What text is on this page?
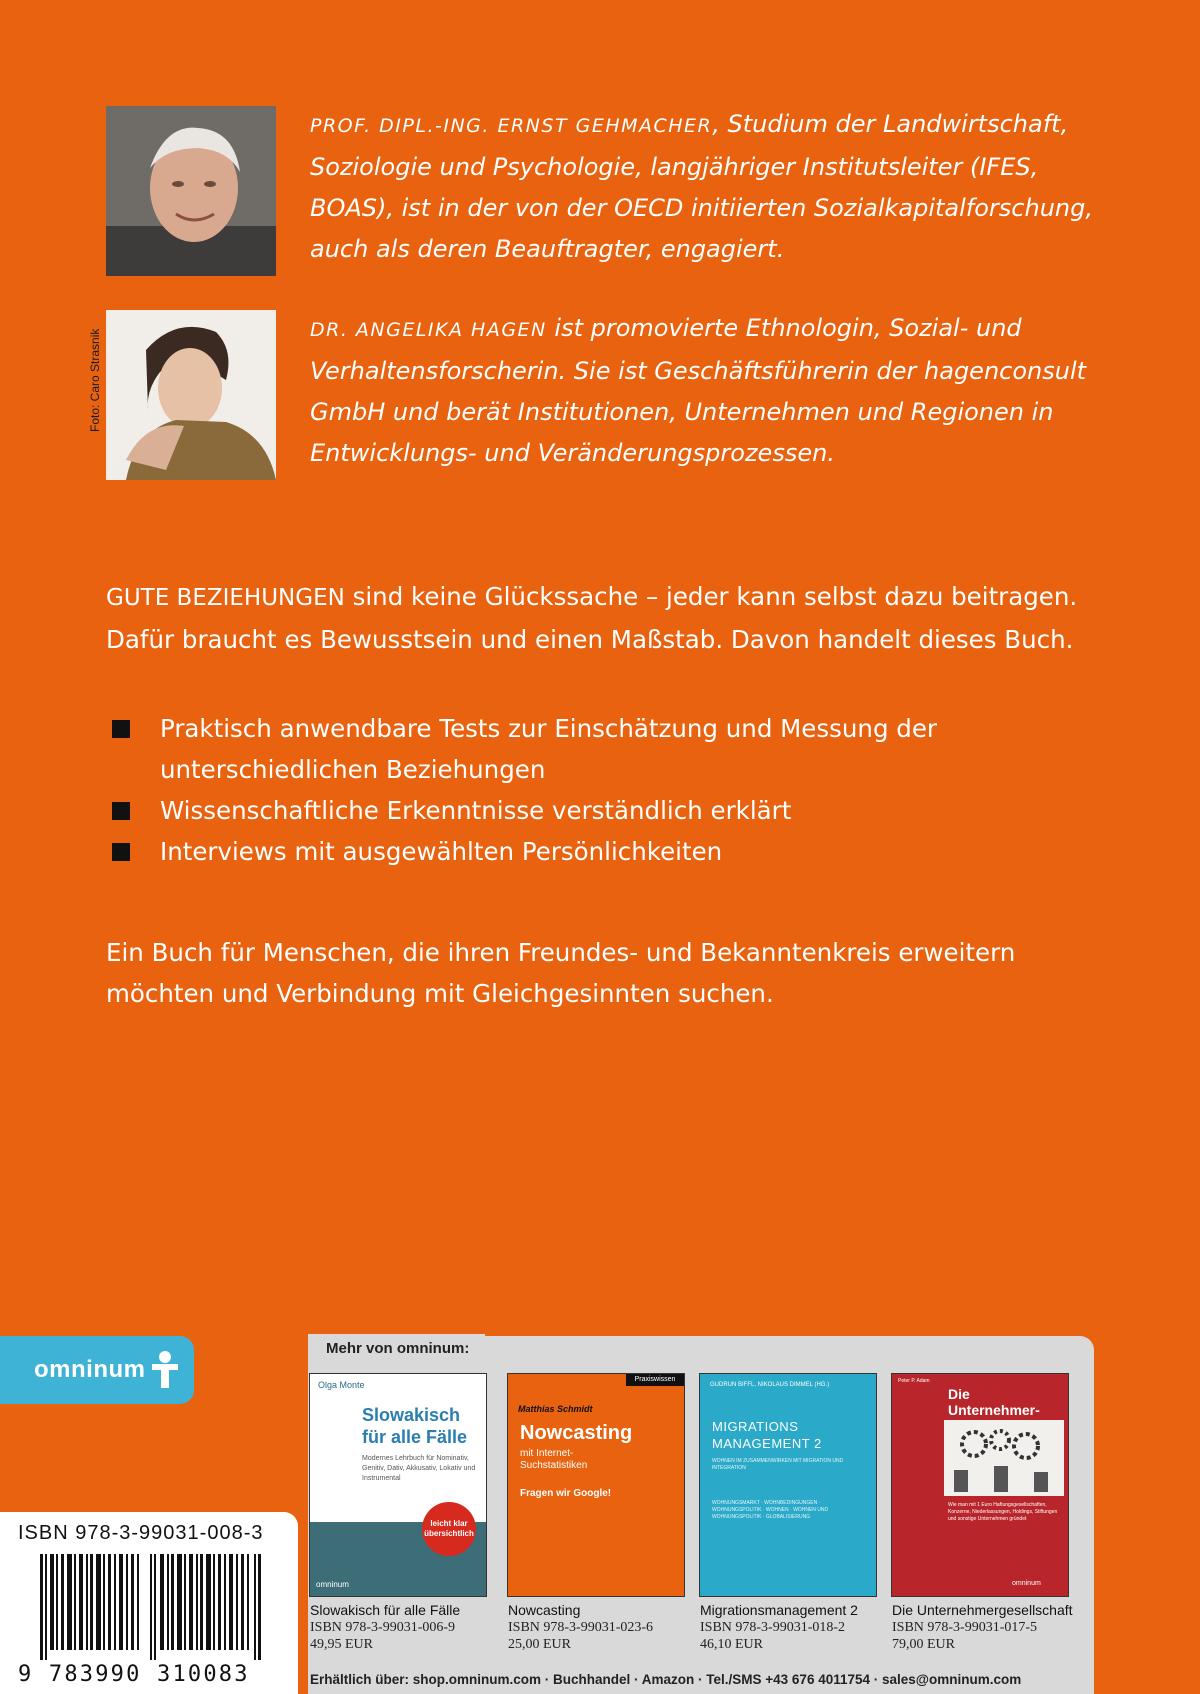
PROF. DIPL.-ING. ERNST GEHMACHER, Studium der Landwirtschaft, Soziologie und Psychologie, langjähriger Institutsleiter (IFES, BOAS), ist in der von der OECD initiierten Sozialkapitalforschung, auch als deren Beauftragter, engagiert.
Foto: Caro Strasnik	DR. ANGELIKA HAGEN ist promovierte Ethnologin, Sozial- und Verhaltensforscherin. Sie ist Geschäftsführerin der hagenconsult GmbH und berät Institutionen, Unternehmen und Regionen in Entwicklungs- und Veränderungsprozessen.
GUTE BEZIEHUNGEN sind keine Glückssache – jeder kann selbst dazu beitragen. Dafür braucht es Bewusstsein und einen Maßstab. Davon handelt dieses Buch.
Praktisch anwendbare Tests zur Einschätzung und Messung der unterschiedlichen Beziehungen
Wissenschaftliche Erkenntnisse verständlich erklärt
Interviews mit ausgewählten Persönlichkeiten
Ein Buch für Menschen, die ihren Freundes- und Bekanntenkreis erweitern möchten und Verbindung mit Gleichgesinnten suchen.
omninum
ISBN 978-3-99031-008-3
9 783990 310083
Mehr von omninum:
Olga Monte
Slowakisch
für alle Fälle
Modernes Lehrbuch für Nominativ, Genitiv, Dativ, Akkusativ, Lokativ und Instrumental
leicht klar übersichtlich
omninum
Slowakisch für alle Fälle
ISBN 978-3-99031-006-9
49,95 EUR
Praxiswissen
Matthias Schmidt
Nowcasting
mit Internet-
Suchstatistiken
Fragen wir Google!
Nowcasting
ISBN 978-3-99031-023-6
25,00 EUR
GUDRUN BIFFL, NIKOLAUS DIMMEL (HG.)
MIGRATIONS
MANAGEMENT 2
WOHNEN IM ZUSAMMENWIRKEN MIT MIGRATION UND INTEGRATION
WOHNUNGSMARKT · WOHNBEDINGUNGEN · WOHNUNGSPOLITIK · WOHNEN · WOHNEN UND WOHNUNGSPOLITIK · GLOBALISIERUNG
Migrationsmanagement 2
ISBN 978-3-99031-018-2
46,10 EUR
Peter P. Adam
Die
Unternehmer-
Wie man mit 1 Euro Haftungsgesellschaften, Konzerne, Niederlassungen, Holdings, Stiftungen und sonstige Unternehmen gründet
omninum
Die Unternehmergesellschaft
ISBN 978-3-99031-017-5
79,00 EUR
Erhältlich über: shop.omninum.com · Buchhandel · Amazon · Tel./SMS +43 676 4011754 · sales@omninum.com
